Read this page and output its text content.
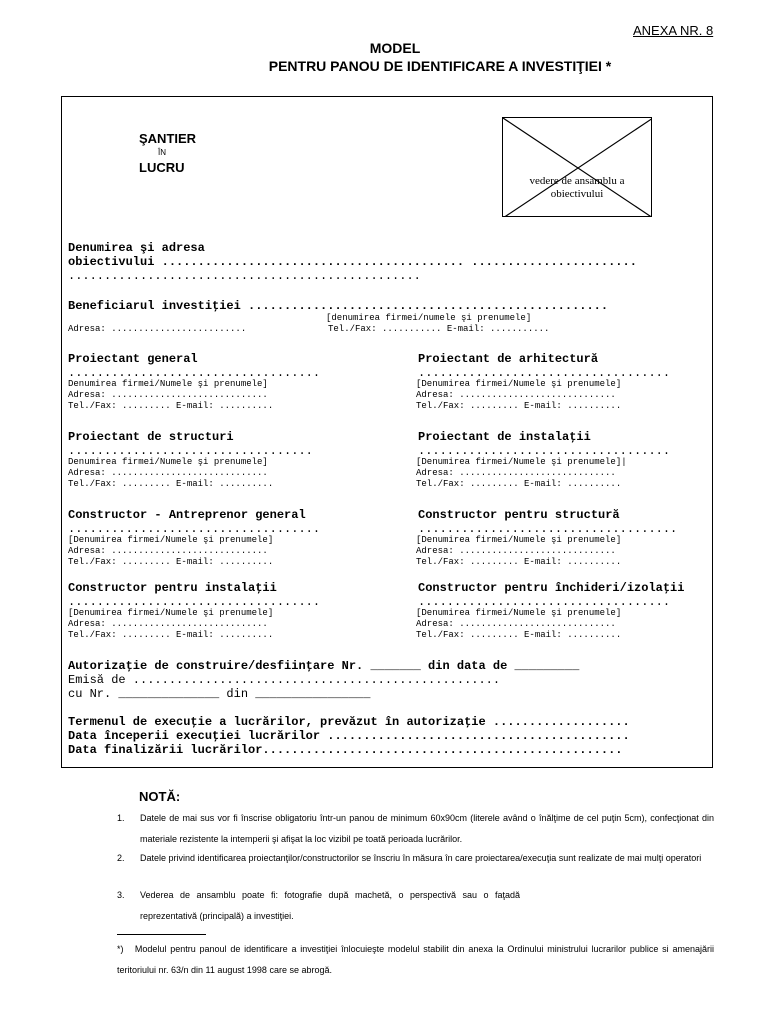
ANEXA NR. 8
MODEL
PENTRU PANOU DE IDENTIFICARE A INVESTIŢIEI *
ŞANTIER
ÎN
LUCRU
vedere de ansamblu a obiectivului
Denumirea şi adresa
obiectivului .......................................... .......................
.................................................
Beneficiarul investiţiei ..................................................
[denumirea firmei/numele şi prenumele]
Adresa: .........................	Tel./Fax: ........... E-mail: ...........
Proiectant general
...................................
Denumirea firmei/Numele şi prenumele]
Adresa: .............................
Tel./Fax: ......... E-mail: ..........
Proiectant de arhitectură
...................................
[Denumirea firmei/Numele şi prenumele]
Adresa: .............................
Tel./Fax: ......... E-mail: ..........
Proiectant de structuri
..................................
Denumirea firmei/Numele şi prenumele]
Adresa: .............................
Tel./Fax: ......... E-mail: ..........
Proiectant de instalaţii
...................................
[Denumirea firmei/Numele şi prenumele]|
Adresa: .............................
Tel./Fax: ......... E-mail: ..........
Constructor - Antreprenor general
...................................
[Denumirea firmei/Numele şi prenumele]
Adresa: .............................
Tel./Fax: ......... E-mail: ..........
Constructor pentru structură
....................................
[Denumirea firmei/Numele şi prenumele]
Adresa: .............................
Tel./Fax: ......... E-mail: ..........
Constructor pentru instalaţii
...................................
[Denumirea firmei/Numele şi prenumele]
Adresa: .............................
Tel./Fax: ......... E-mail: ..........
Constructor pentru închideri/izolaţii
...................................
[Denumirea firmei/Numele şi prenumele]
Adresa: .............................
Tel./Fax: ......... E-mail: ..........
Autorizaţie de construire/desfiinţare Nr. _______ din data de _________
Emisă de ...................................................
cu Nr. ______________ din ________________
Termenul de execuţie a lucrărilor, prevăzut în autorizaţie ...................
Data începerii execuţiei lucrărilor ..........................................
Data finalizării lucrărilor..................................................
NOTĂ:
1. Datele de mai sus vor fi înscrise obligatoriu într-un panou de minimum 60x90cm (literele având o înălţime de cel puţin 5cm), confecţionat din materiale rezistente la intemperii şi afişat la loc vizibil pe toată perioada lucrărilor.
2. Datele privind identificarea proiectanţilor/constructorilor se înscriu în măsura în care proiectarea/execuţia sunt realizate de mai mulţi operatori
3. Vederea de ansamblu poate fi: fotografie după machetă, o perspectivă sau o faţadă reprezentativă (principală) a investiţiei.
*) Modelul pentru panoul de identificare a investiţiei înlocuieşte modelul stabilit din anexa la Ordinului ministrului lucrarilor publice si amenajării teritoriului nr. 63/n din 11 august 1998 care se abrogă.
